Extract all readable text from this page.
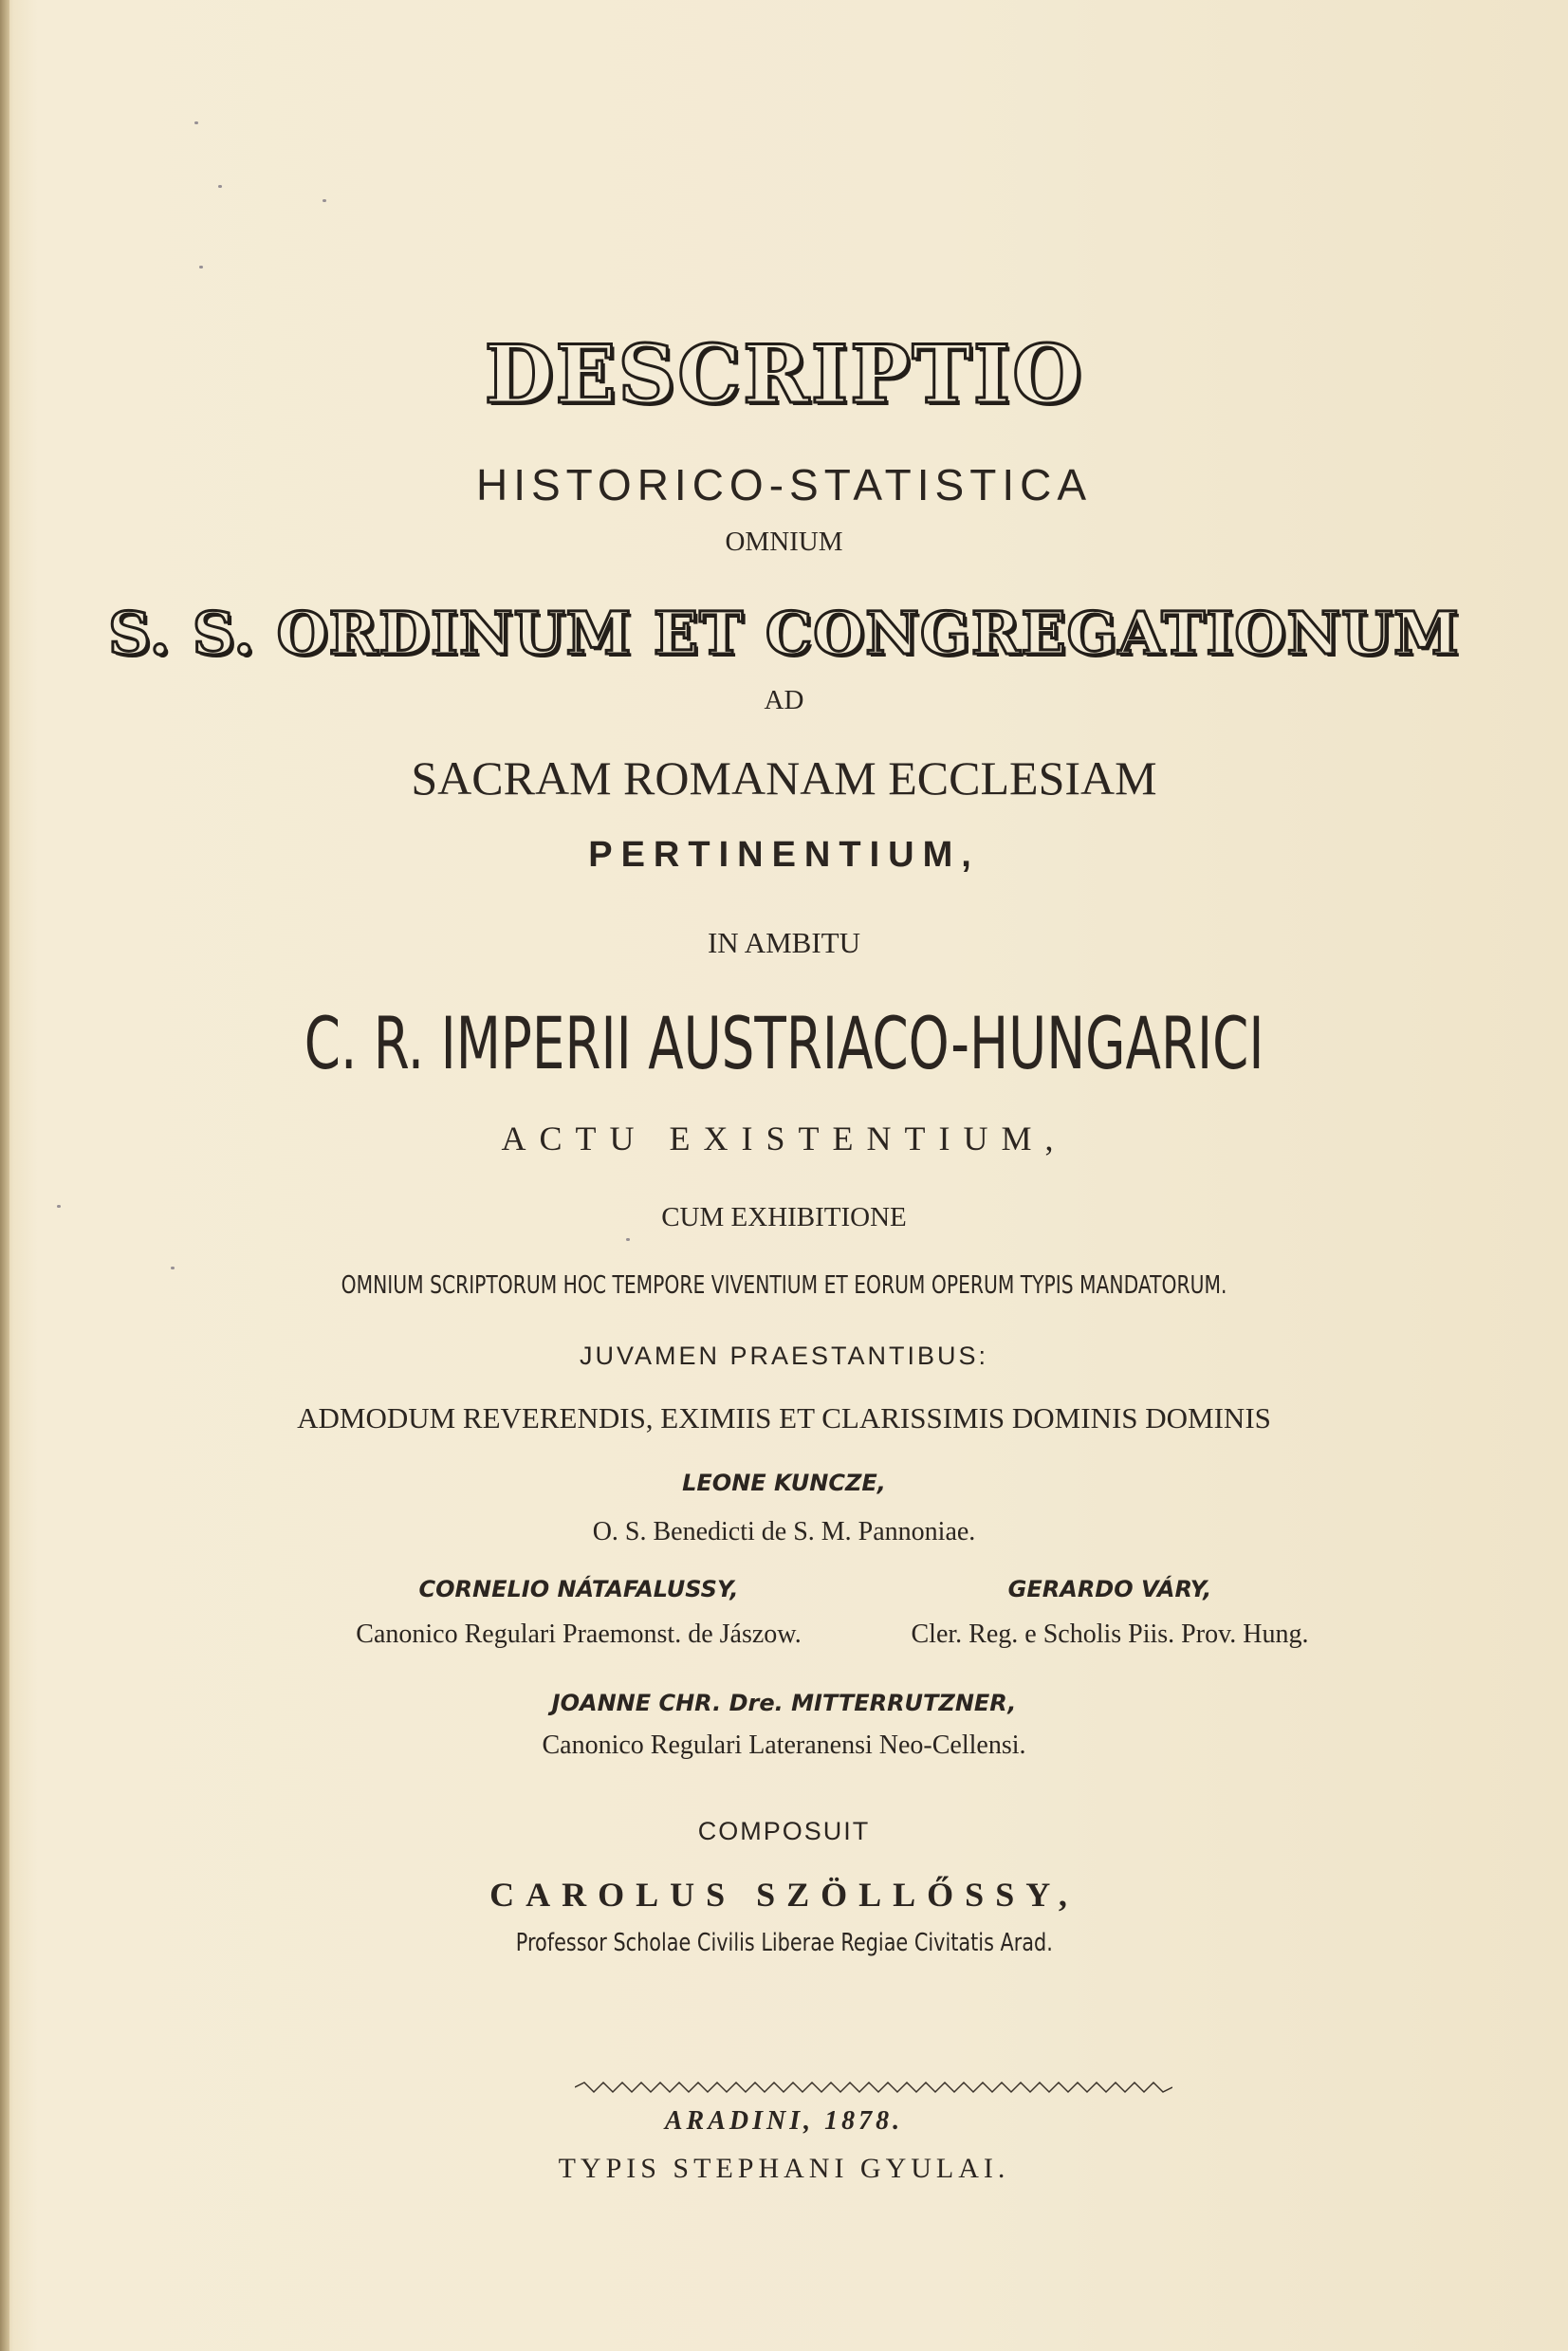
DESCRIPTIO
HISTORICO-STATISTICA
OMNIUM
S. S. ORDINUM ET CONGREGATIONUM
AD
SACRAM ROMANAM ECCLESIAM
PERTINENTIUM,
IN AMBITU
C. R. IMPERII AUSTRIACO-HUNGARICI
ACTU EXISTENTIUM,
CUM EXHIBITIONE
OMNIUM SCRIPTORUM HOC TEMPORE VIVENTIUM ET EORUM OPERUM TYPIS MANDATORUM.
JUVAMEN PRAESTANTIBUS:
ADMODUM REVERENDIS, EXIMIIS ET CLARISSIMIS DOMINIS DOMINIS
LEONE KUNCZE,
O. S. Benedicti de S. M. Pannoniae.
CORNELIO NÁTAFALUSSY,
Canonico Regulari Praemonst. de Jászow.
GERARDO VÁRY,
Cler. Reg. e Scholis Piis. Prov. Hung.
JOANNE CHR. Dre. MITTERRUTZNER,
Canonico Regulari Lateranensi Neo-Cellensi.
COMPOSUIT
CAROLUS SZÖLLŐSSY,
Professor Scholae Civilis Liberae Regiae Civitatis Arad.
ARADINI, 1878.
TYPIS STEPHANI GYULAI.
